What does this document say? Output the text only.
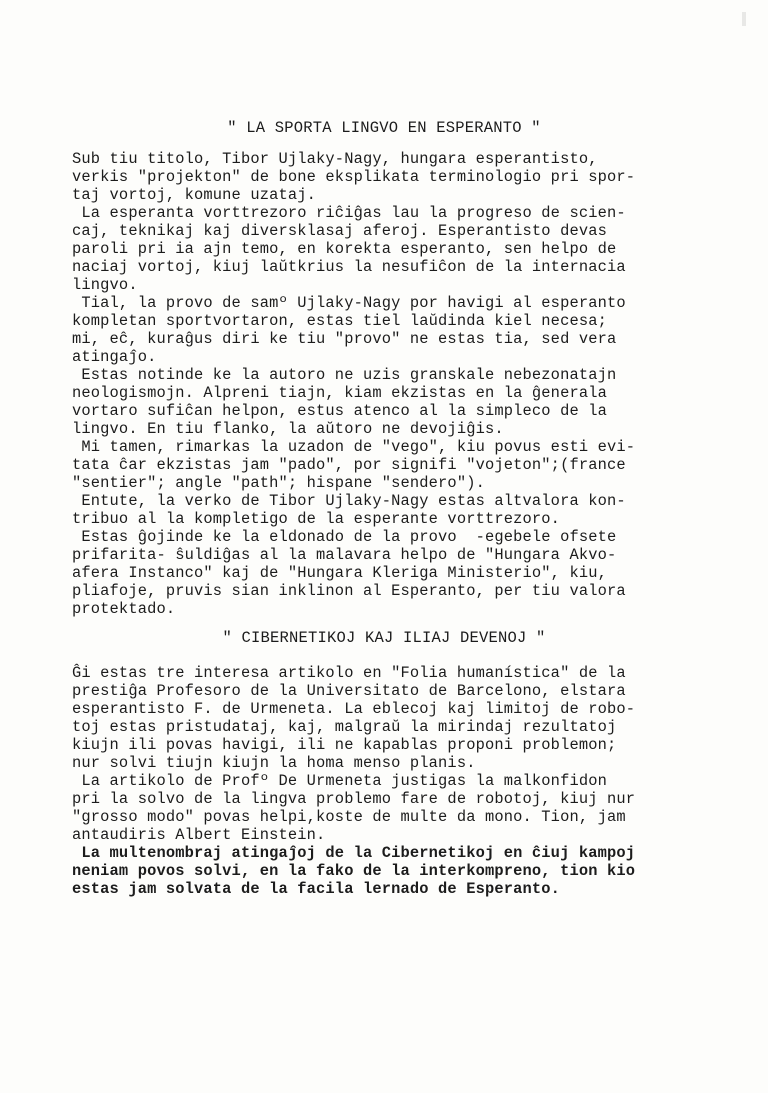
" LA SPORTA LINGVO EN ESPERANTO "
Sub tiu titolo, Tibor Ujlaky-Nagy, hungara esperantisto,
verkis "projekton" de bone eksplikata terminologio pri spor-
taj vortoj, komune uzataj.
La esperanta vorttrezoro riĉiĝas lau la progreso de scien-
caj, teknikaj kaj diversklasaj aferoj. Esperantisto devas
paroli pri ia ajn temo, en korekta esperanto, sen helpo de
naciaj vortoj, kiuj laŭtkrius la nesufiĉon de la internacia
lingvo.
Tial, la provo de samº Ujlaky-Nagy por havigi al esperanto
kompletan sportvortaron, estas tiel laŭdinda kiel necesa;
mi, eĉ, kuraĝus diri ke tiu "provo" ne estas tia, sed vera
atingaĵo.
Estas notinde ke la autoro ne uzis granskale nebezonatajn
neologismojn. Alpreni tiajn, kiam ekzistas en la ĝenerala
vortaro sufiĉan helpon, estus atenco al la simpleco de la
lingvo. En tiu flanko, la aŭtoro ne devojiĝis.
Mi tamen, rimarkas la uzadon de "vego", kiu povus esti evi-
tata ĉar ekzistas jam "pado", por signifi "vojeton";(france
"sentier"; angle "path"; hispane "sendero").
Entute, la verko de Tibor Ujlaky-Nagy estas altvalora kon-
tribuo al la kompletigo de la esperante vorttrezoro.
Estas ĝojinde ke la eldonado de la provo  -egebele ofsete
prifarita- ŝuldiĝas al la malavara helpo de "Hungara Akvo-
afera Instanco" kaj de "Hungara Kleriga Ministerio", kiu,
pliafoje, pruvis sian inklinon al Esperanto, per tiu valora
protektado.
" CIBERNETIKOJ KAJ ILIAJ DEVENOJ "
Ĝi estas tre interesa artikolo en "Folia humanística" de la
prestiĝa Profesoro de la Universitato de Barcelono, elstara
esperantisto F. de Urmeneta. La eblecoj kaj limitoj de robo-
toj estas pristudataj, kaj, malgraŭ la mirindaj rezultatoj
kiujn ili povas havigi, ili ne kapablas proponi problemon;
nur solvi tiujn kiujn la homa menso planis.
La artikolo de Profº De Urmeneta justigas la malkonfidon
pri la solvo de la lingva problemo fare de robotoj, kiuj nur
"grosso modo" povas helpi,koste de multe da mono. Tion, jam
antaudiris Albert Einstein.
La multenombraj atingaĵoj de la Cibernetikoj en ĉiuj kampoj
neniam povos solvi, en la fako de la interkompreno, tion kio
estas jam solvata de la facila lernado de Esperanto.
